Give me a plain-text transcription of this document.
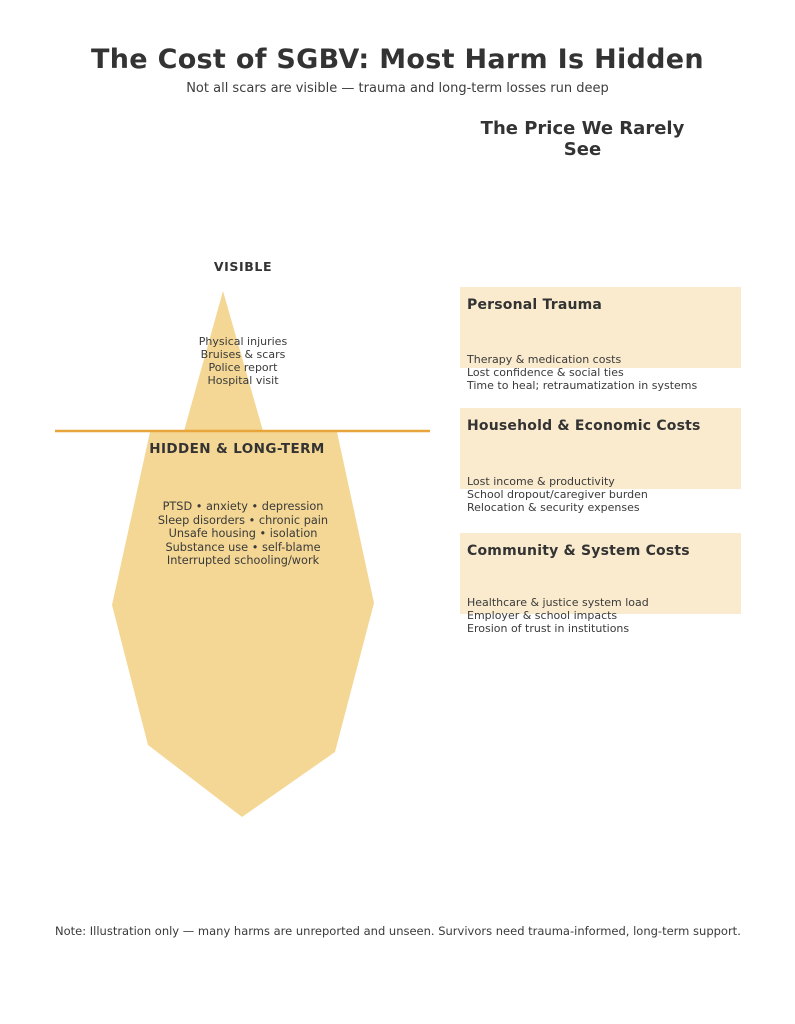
The Cost of SGBV: Most Harm Is Hidden
Not all scars are visible — trauma and long-term losses run deep
The Price We Rarely See
VISIBLE
Physical injuries
Bruises & scars
Police report
Hospital visit
HIDDEN & LONG-TERM
PTSD • anxiety • depression
Sleep disorders • chronic pain
Unsafe housing • isolation
Substance use • self-blame
Interrupted schooling/work
Personal Trauma
Therapy & medication costs
Lost confidence & social ties
Time to heal; retraumatization in systems
Household & Economic Costs
Lost income & productivity
School dropout/caregiver burden
Relocation & security expenses
Community & System Costs
Healthcare & justice system load
Employer & school impacts
Erosion of trust in institutions
Note: Illustration only — many harms are unreported and unseen. Survivors need trauma-informed, long-term support.
